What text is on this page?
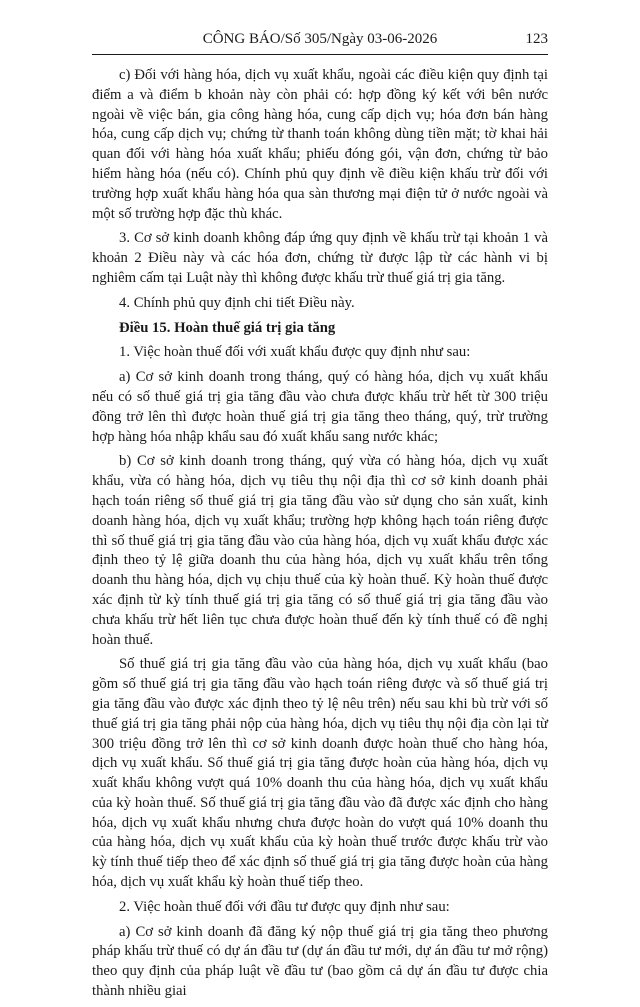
CÔNG BÁO/Số 305/Ngày 03-06-2026	123

c) Đối với hàng hóa, dịch vụ xuất khẩu, ngoài các điều kiện quy định tại điểm a và điểm b khoản này còn phải có: hợp đồng ký kết với bên nước ngoài về việc bán, gia công hàng hóa, cung cấp dịch vụ; hóa đơn bán hàng hóa, cung cấp dịch vụ; chứng từ thanh toán không dùng tiền mặt; tờ khai hải quan đối với hàng hóa xuất khẩu; phiếu đóng gói, vận đơn, chứng từ bảo hiểm hàng hóa (nếu có). Chính phủ quy định về điều kiện khấu trừ đối với trường hợp xuất khẩu hàng hóa qua sàn thương mại điện tử ở nước ngoài và một số trường hợp đặc thù khác.

3. Cơ sở kinh doanh không đáp ứng quy định về khấu trừ tại khoản 1 và khoản 2 Điều này và các hóa đơn, chứng từ được lập từ các hành vi bị nghiêm cấm tại Luật này thì không được khấu trừ thuế giá trị gia tăng.

4. Chính phủ quy định chi tiết Điều này.

Điều 15. Hoàn thuế giá trị gia tăng

1. Việc hoàn thuế đối với xuất khẩu được quy định như sau:

a) Cơ sở kinh doanh trong tháng, quý có hàng hóa, dịch vụ xuất khẩu nếu có số thuế giá trị gia tăng đầu vào chưa được khấu trừ hết từ 300 triệu đồng trở lên thì được hoàn thuế giá trị gia tăng theo tháng, quý, trừ trường hợp hàng hóa nhập khẩu sau đó xuất khẩu sang nước khác;

b) Cơ sở kinh doanh trong tháng, quý vừa có hàng hóa, dịch vụ xuất khẩu, vừa có hàng hóa, dịch vụ tiêu thụ nội địa thì cơ sở kinh doanh phải hạch toán riêng số thuế giá trị gia tăng đầu vào sử dụng cho sản xuất, kinh doanh hàng hóa, dịch vụ xuất khẩu; trường hợp không hạch toán riêng được thì số thuế giá trị gia tăng đầu vào của hàng hóa, dịch vụ xuất khẩu được xác định theo tỷ lệ giữa doanh thu của hàng hóa, dịch vụ xuất khẩu trên tổng doanh thu hàng hóa, dịch vụ chịu thuế của kỳ hoàn thuế. Kỳ hoàn thuế được xác định từ kỳ tính thuế giá trị gia tăng có số thuế giá trị gia tăng đầu vào chưa khấu trừ hết liên tục chưa được hoàn thuế đến kỳ tính thuế có đề nghị hoàn thuế.

Số thuế giá trị gia tăng đầu vào của hàng hóa, dịch vụ xuất khẩu (bao gồm số thuế giá trị gia tăng đầu vào hạch toán riêng được và số thuế giá trị gia tăng đầu vào được xác định theo tỷ lệ nêu trên) nếu sau khi bù trừ với số thuế giá trị gia tăng phải nộp của hàng hóa, dịch vụ tiêu thụ nội địa còn lại từ 300 triệu đồng trở lên thì cơ sở kinh doanh được hoàn thuế cho hàng hóa, dịch vụ xuất khẩu. Số thuế giá trị gia tăng được hoàn của hàng hóa, dịch vụ xuất khẩu không vượt quá 10% doanh thu của hàng hóa, dịch vụ xuất khẩu của kỳ hoàn thuế. Số thuế giá trị gia tăng đầu vào đã được xác định cho hàng hóa, dịch vụ xuất khẩu nhưng chưa được hoàn do vượt quá 10% doanh thu của hàng hóa, dịch vụ xuất khẩu của kỳ hoàn thuế trước được khấu trừ vào kỳ tính thuế tiếp theo để xác định số thuế giá trị gia tăng được hoàn của hàng hóa, dịch vụ xuất khẩu kỳ hoàn thuế tiếp theo.

2. Việc hoàn thuế đối với đầu tư được quy định như sau:

a) Cơ sở kinh doanh đã đăng ký nộp thuế giá trị gia tăng theo phương pháp khấu trừ thuế có dự án đầu tư (dự án đầu tư mới, dự án đầu tư mở rộng) theo quy định của pháp luật về đầu tư (bao gồm cả dự án đầu tư được chia thành nhiều giai
